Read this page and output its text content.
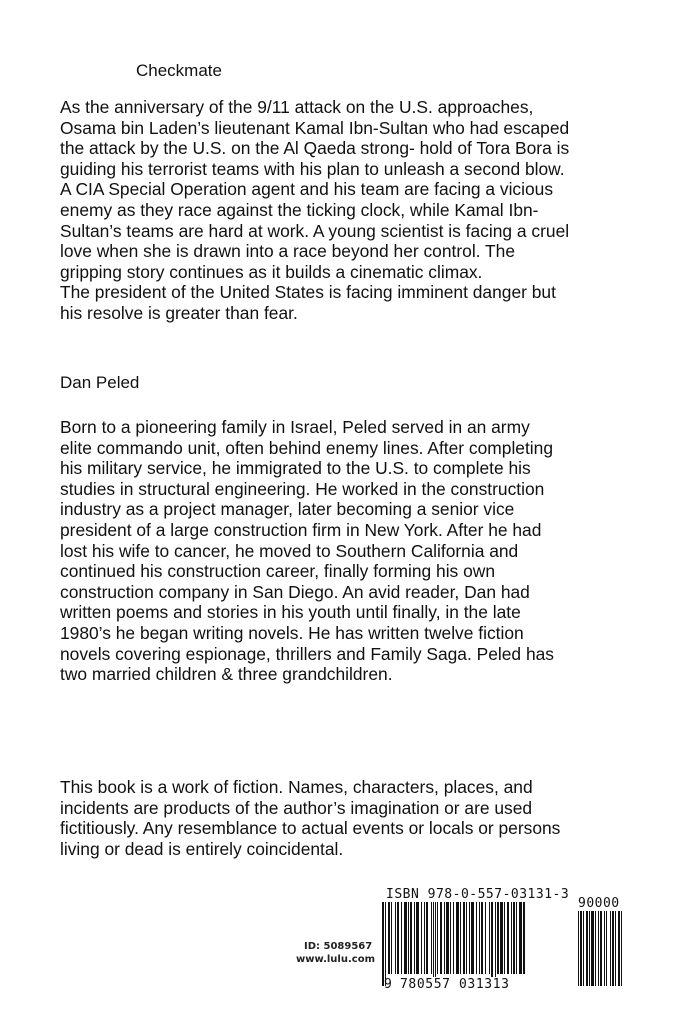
Checkmate
As the anniversary of the 9/11 attack on the U.S. approaches,
Osama bin Laden’s lieutenant Kamal Ibn-Sultan who had escaped
the attack by the U.S. on the Al Qaeda strong- hold of Tora Bora is
guiding his terrorist teams with his plan to unleash a second blow.
A CIA Special Operation agent and his team are facing a vicious
enemy as they race against the ticking clock, while Kamal Ibn-
Sultan’s teams are hard at work. A young scientist is facing a cruel
love when she is drawn into a race beyond her control. The
gripping story continues as it builds a cinematic climax.
The president of the United States is facing imminent danger but
his resolve is greater than fear.
Dan Peled
Born to a pioneering family in Israel, Peled served in an army
elite commando unit, often behind enemy lines. After completing
his military service, he immigrated to the U.S. to complete his
studies in structural engineering. He worked in the construction
industry as a project manager, later becoming a senior vice
president of a large construction firm in New York. After he had
lost his wife to cancer, he moved to Southern California and
continued his construction career, finally forming his own
construction company in San Diego. An avid reader, Dan had
written poems and stories in his youth until finally, in the late
1980’s he began writing novels. He has written twelve fiction
novels covering espionage, thrillers and Family Saga. Peled has
two married children & three grandchildren.
This book is a work of fiction. Names, characters, places, and
incidents are products of the author’s imagination or are used
fictitiously. Any resemblance to actual events or locals or persons
living or dead is entirely coincidental.
ID: 5089567
www.lulu.com
ISBN 978-0-557-03131-3
90000
9 780557 031313
